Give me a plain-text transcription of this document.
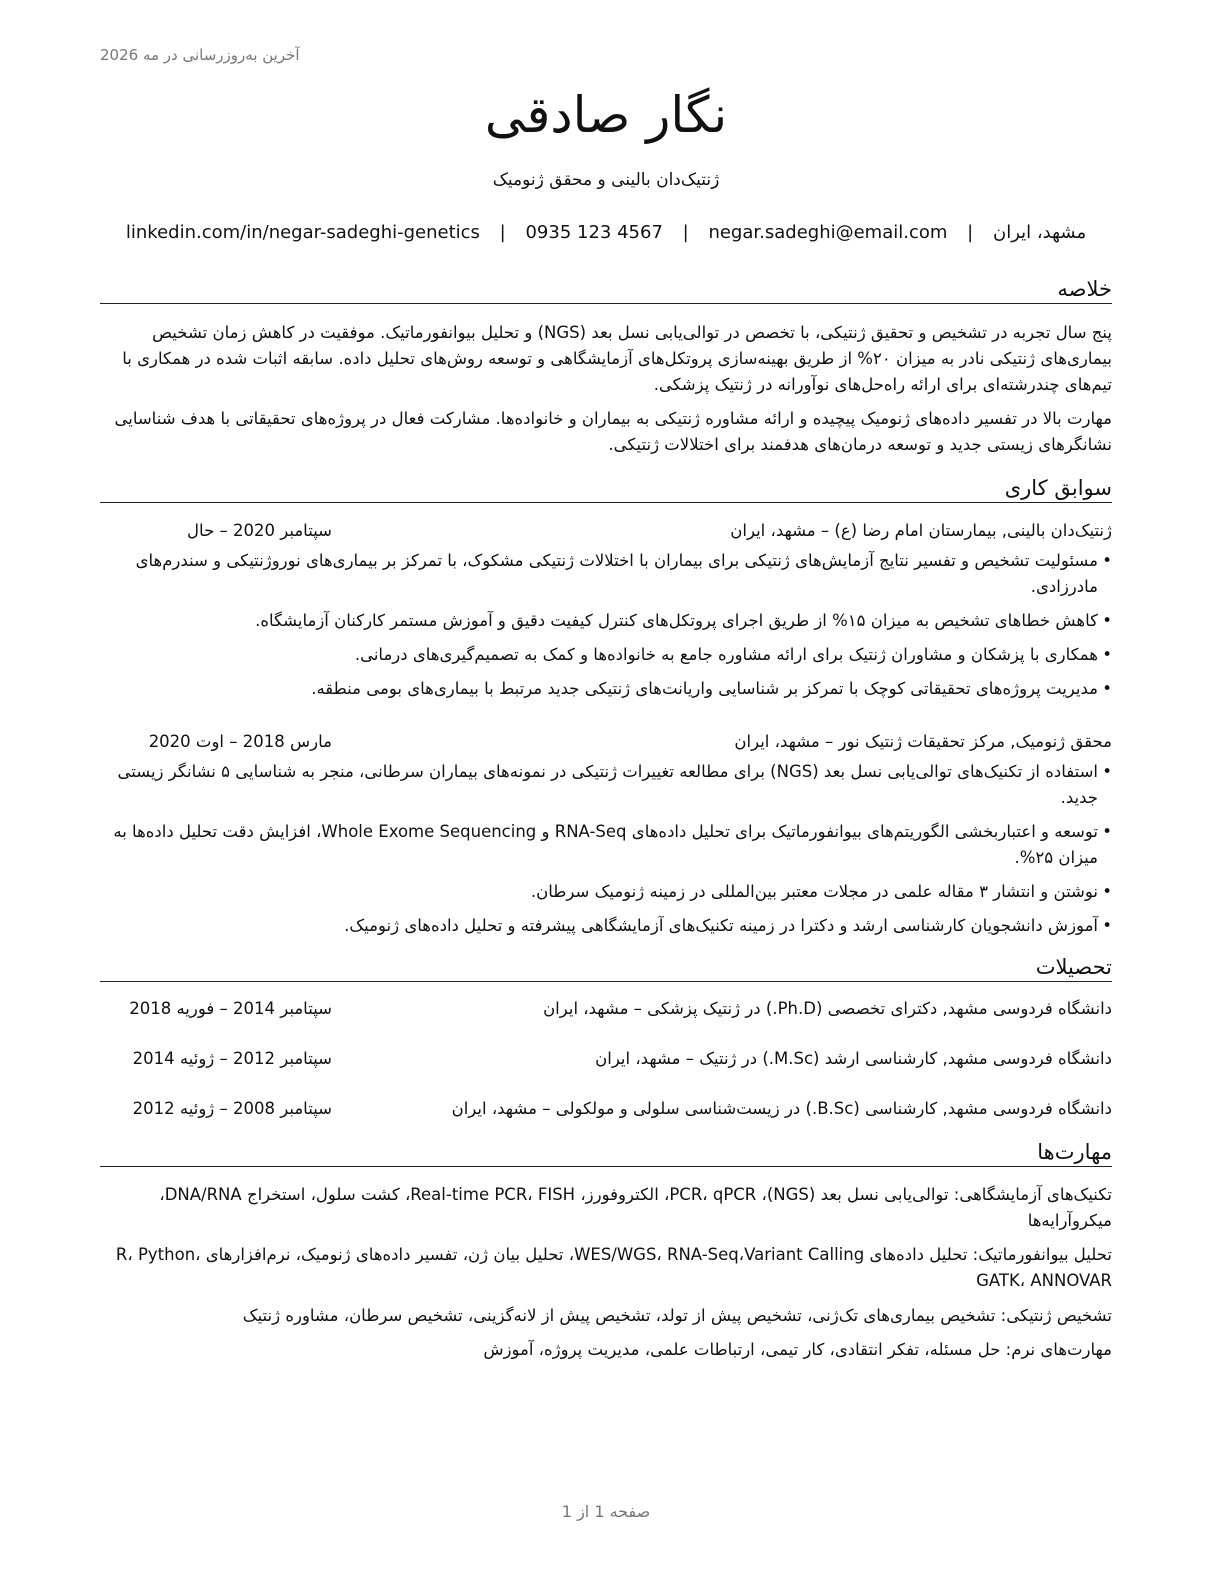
آخرین به‌روزرسانی در مه 2026
نگار صادقی
ژنتیک‌دان بالینی و محقق ژنومیک
مشهد، ایران | negar.sadeghi@email.com | 0935 123 4567 | linkedin.com/in/negar-sadeghi-genetics
خلاصه
پنج سال تجربه در تشخیص و تحقیق ژنتیکی، با تخصص در توالی‌یابی نسل بعد (NGS) و تحلیل بیوانفورماتیک. موفقیت در کاهش زمان تشخیص بیماری‌های ژنتیکی نادر به میزان ۲۰% از طریق بهینه‌سازی پروتکل‌های آزمایشگاهی و توسعه روش‌های تحلیل داده. سابقه اثبات شده در همکاری با تیم‌های چندرشته‌ای برای ارائه راه‌حل‌های نوآورانه در ژنتیک پزشکی.
مهارت بالا در تفسیر داده‌های ژنومیک پیچیده و ارائه مشاوره ژنتیکی به بیماران و خانواده‌ها. مشارکت فعال در پروژه‌های تحقیقاتی با هدف شناسایی نشانگرهای زیستی جدید و توسعه درمان‌های هدفمند برای اختلالات ژنتیکی.
سوابق کاری
ژنتیک‌دان بالینی, بیمارستان امام رضا (ع) – مشهد، ایران
سپتامبر 2020 – حال
• مسئولیت تشخیص و تفسیر نتایج آزمایش‌های ژنتیکی برای بیماران با اختلالات ژنتیکی مشکوک، با تمرکز بر بیماری‌های نوروژنتیکی و سندرم‌های مادرزادی.
• کاهش خطاهای تشخیص به میزان ۱۵% از طریق اجرای پروتکل‌های کنترل کیفیت دقیق و آموزش مستمر کارکنان آزمایشگاه.
• همکاری با پزشکان و مشاوران ژنتیک برای ارائه مشاوره جامع به خانواده‌ها و کمک به تصمیم‌گیری‌های درمانی.
• مدیریت پروژه‌های تحقیقاتی کوچک با تمرکز بر شناسایی واریانت‌های ژنتیکی جدید مرتبط با بیماری‌های بومی منطقه.
محقق ژنومیک, مرکز تحقیقات ژنتیک نور – مشهد، ایران
مارس 2018 – اوت 2020
• استفاده از تکنیک‌های توالی‌یابی نسل بعد (NGS) برای مطالعه تغییرات ژنتیکی در نمونه‌های بیماران سرطانی، منجر به شناسایی ۵ نشانگر زیستی جدید.
• توسعه و اعتباربخشی الگوریتم‌های بیوانفورماتیک برای تحلیل داده‌های RNA-Seq و Whole Exome Sequencing، افزایش دقت تحلیل داده‌ها به میزان ۲۵%.
• نوشتن و انتشار ۳ مقاله علمی در مجلات معتبر بین‌المللی در زمینه ژنومیک سرطان.
• آموزش دانشجویان کارشناسی ارشد و دکترا در زمینه تکنیک‌های آزمایشگاهی پیشرفته و تحلیل داده‌های ژنومیک.
تحصیلات
دانشگاه فردوسی مشهد, دکترای تخصصی (Ph.D.) در ژنتیک پزشکی – مشهد، ایران
سپتامبر 2014 – فوریه 2018
دانشگاه فردوسی مشهد, کارشناسی ارشد (M.Sc.) در ژنتیک – مشهد، ایران
سپتامبر 2012 – ژوئیه 2014
دانشگاه فردوسی مشهد, کارشناسی (B.Sc.) در زیست‌شناسی سلولی و مولکولی – مشهد، ایران
سپتامبر 2008 – ژوئیه 2012
مهارت‌ها
تکنیک‌های آزمایشگاهی: توالی‌یابی نسل بعد (NGS)، PCR، qPCR، الکتروفورز، Real-time PCR، FISH، کشت سلول، استخراج DNA/RNA، میکروآرایه‌ها
تحلیل بیوانفورماتیک: تحلیل داده‌های WES/WGS، RNA-Seq،Variant Calling، تحلیل بیان ژن، تفسیر داده‌های ژنومیک، نرم‌افزارهای R، Python، GATK، ANNOVAR
تشخیص ژنتیکی: تشخیص بیماری‌های تک‌ژنی، تشخیص پیش از تولد، تشخیص پیش از لانه‌گزینی، تشخیص سرطان، مشاوره ژنتیک
مهارت‌های نرم: حل مسئله، تفکر انتقادی، کار تیمی، ارتباطات علمی، مدیریت پروژه، آموزش
صفحه 1 از 1
